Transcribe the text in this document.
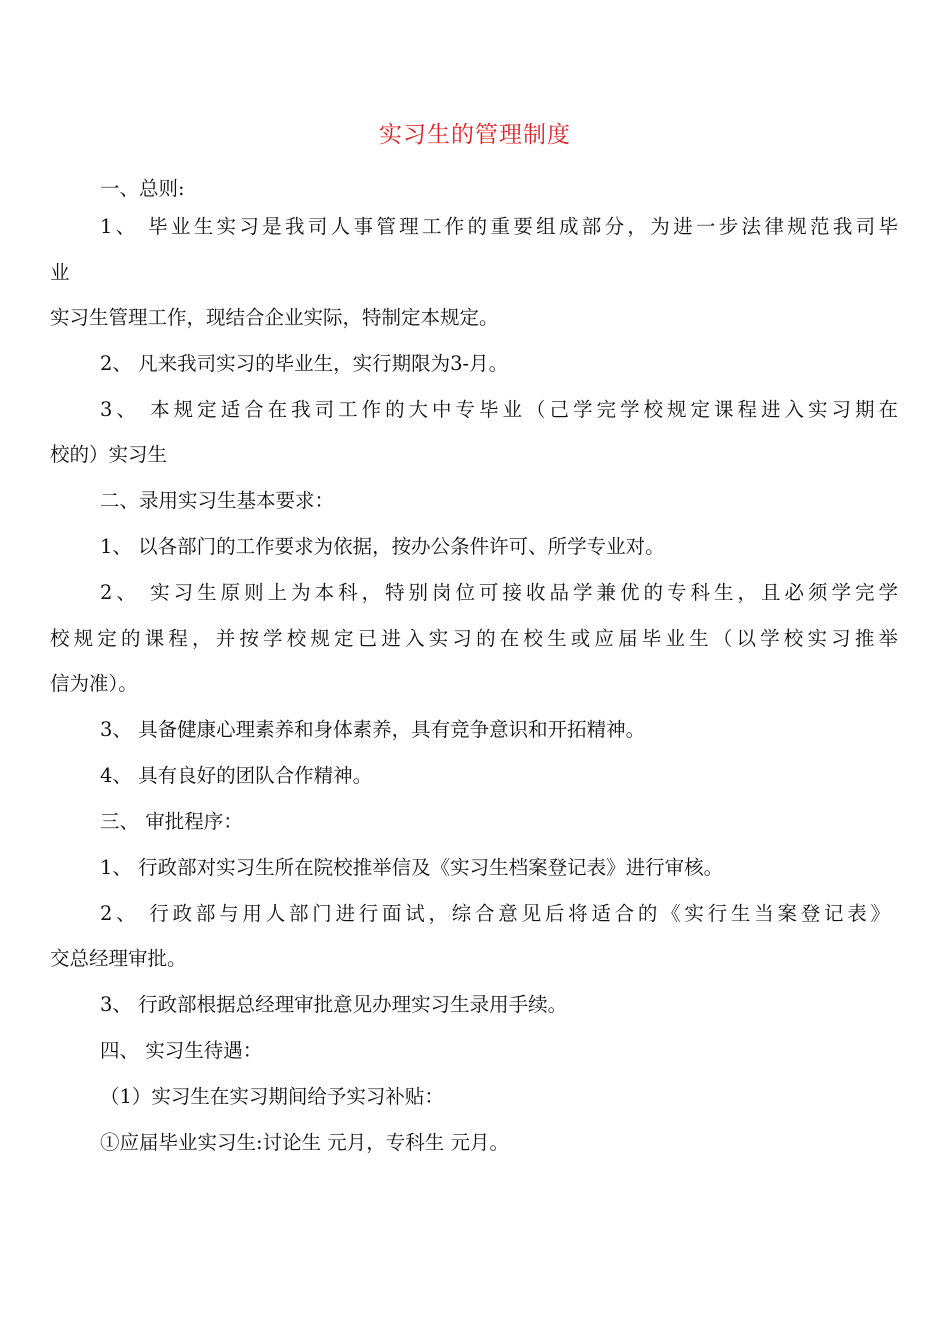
实习生的管理制度
一、总则:
1、 毕业生实习是我司人事管理工作的重要组成部分，为进一步法律规范我司毕
业
实习生管理工作，现结合企业实际，特制定本规定。
2、 凡来我司实习的毕业生，实行期限为3-月。
3、 本规定适合在我司工作的大中专毕业（己学完学校规定课程进入实习期在
校的）实习生
二、录用实习生基本要求：
1、 以各部门的工作要求为依据，按办公条件许可、所学专业对。
2、 实习生原则上为本科，特别岗位可接收品学兼优的专科生，且必须学完学
校规定的课程，并按学校规定已进入实习的在校生或应届毕业生（以学校实习推举
信为准）。
3、 具备健康心理素养和身体素养，具有竞争意识和开拓精神。
4、 具有良好的团队合作精神。
三、 审批程序：
1、 行政部对实习生所在院校推举信及《实习生档案登记表》进行审核。
2、 行政部与用人部门进行面试，综合意见后将适合的《实行生当案登记表》
交总经理审批。
3、 行政部根据总经理审批意见办理实习生录用手续。
四、 实习生待遇：
（1）实习生在实习期间给予实习补贴：
①应届毕业实习生:讨论生 元月，专科生 元月。
